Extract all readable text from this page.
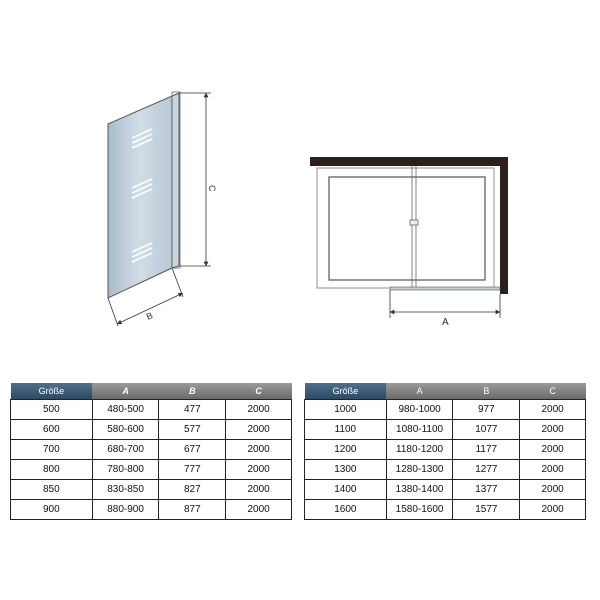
C
B
A
Größe	A	B	C
500	480-500	477	2000
600	580-600	577	2000
700	680-700	677	2000
800	780-800	777	2000
850	830-850	827	2000
900	880-900	877	2000
Größe	A	B	C
1000	980-1000	977	2000
1100	1080-1100	1077	2000
1200	1180-1200	1177	2000
1300	1280-1300	1277	2000
1400	1380-1400	1377	2000
1600	1580-1600	1577	2000
